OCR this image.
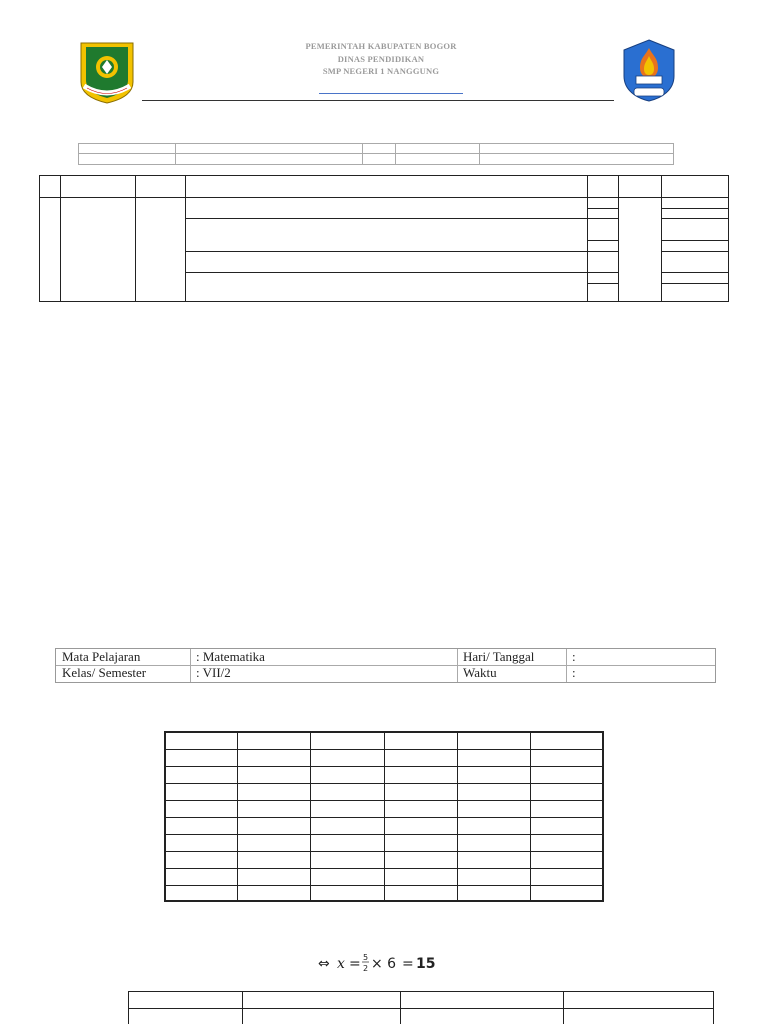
PEMERINTAH KABUPATEN BOGOR
DINAS PENDIDIKAN
SMP NEGERI 1 NANGGUNG
Mata Pelajaran	: Matematika	Hari/ Tanggal	:
Kelas/ Semester	: VII/2	Waktu	:
⇔ x = 5
2 × 6 = 15
